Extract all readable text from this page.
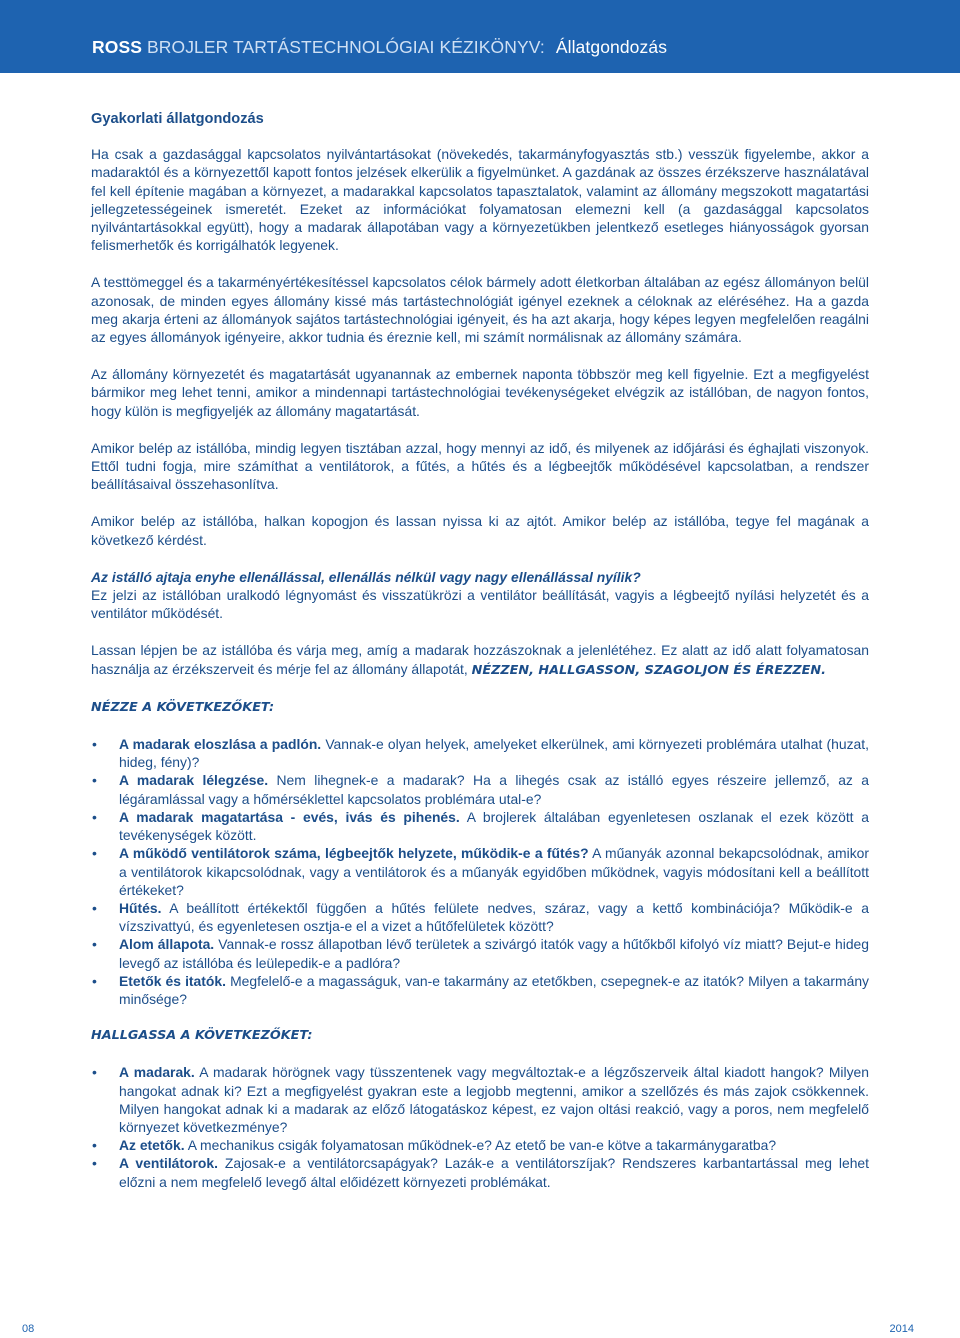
ROSS BROJLER TARTÁSTECHNOLÓGIAI KÉZIKÖNYV: Állatgondozás

Gyakorlati állatgondozás

Ha csak a gazdasággal kapcsolatos nyilvántartásokat (növekedés, takarmányfogyasztás stb.) vesszük figyelembe, akkor a madaraktól és a környezettől kapott fontos jelzések elkerülik a figyelmünket. A gazdának az összes érzékszerve használatával fel kell építenie magában a környezet, a madarakkal kapcsolatos tapasztalatok, valamint az állomány megszokott magatartási jellegzetességeinek ismeretét. Ezeket az információkat folyamatosan elemezni kell (a gazdasággal kapcsolatos nyilvántartásokkal együtt), hogy a madarak állapotában vagy a környezetükben jelentkező esetleges hiányosságok gyorsan felismerhetők és korrigálhatók legyenek.

A testtömeggel és a takarményértékesítéssel kapcsolatos célok bármely adott életkorban általában az egész állományon belül azonosak, de minden egyes állomány kissé más tartástechnológiát igényel ezeknek a céloknak az eléréséhez. Ha a gazda meg akarja érteni az állományok sajátos tartástechnológiai igényeit, és ha azt akarja, hogy képes legyen megfelelően reagálni az egyes állományok igényeire, akkor tudnia és éreznie kell, mi számít normálisnak az állomány számára.

Az állomány környezetét és magatartását ugyanannak az embernek naponta többször meg kell figyelnie. Ezt a megfigyelést bármikor meg lehet tenni, amikor a mindennapi tartástechnológiai tevékenységeket elvégzik az istállóban, de nagyon fontos, hogy külön is megfigyeljék az állomány magatartását.

Amikor belép az istállóba, mindig legyen tisztában azzal, hogy mennyi az idő, és milyenek az időjárási és éghajlati viszonyok. Ettől tudni fogja, mire számíthat a ventilátorok, a fűtés, a hűtés és a légbeejtők működésével kapcsolatban, a rendszer beállításaival összehasonlítva.

Amikor belép az istállóba, halkan kopogjon és lassan nyissa ki az ajtót. Amikor belép az istállóba, tegye fel magának a következő kérdést.

Az istálló ajtaja enyhe ellenállással, ellenállás nélkül vagy nagy ellenállással nyílik?

Ez jelzi az istállóban uralkodó légnyomást és visszatükrözi a ventilátor beállítását, vagyis a légbeejtő nyílási helyzetét és a ventilátor működését.

Lassan lépjen be az istállóba és várja meg, amíg a madarak hozzászoknak a jelenlétéhez. Ez alatt az idő alatt folyamatosan használja az érzékszerveit és mérje fel az állomány állapotát, NÉZZEN, HALLGASSON, SZAGOLJON ÉS ÉREZZEN.

NÉZZE A KÖVETKEZŐKET:

• A madarak eloszlása a padlón. Vannak-e olyan helyek, amelyeket elkerülnek, ami környezeti problémára utalhat (huzat, hideg, fény)?
• A madarak lélegzése. Nem lihegnek-e a madarak? Ha a lihegés csak az istálló egyes részeire jellemző, az a légáramlással vagy a hőmérséklettel kapcsolatos problémára utal-e?
• A madarak magatartása - evés, ivás és pihenés. A brojlerek általában egyenletesen oszlanak el ezek között a tevékenységek között.
• A működő ventilátorok száma, légbeejtők helyzete, működik-e a fűtés? A műanyák azonnal bekapcsolódnak, amikor a ventilátorok kikapcsolódnak, vagy a ventilátorok és a műanyák egyidőben működnek, vagyis módosítani kell a beállított értékeket?
• Hűtés. A beállított értékektől függően a hűtés felülete nedves, száraz, vagy a kettő kombinációja? Működik-e a vízszivattyú, és egyenletesen osztja-e el a vizet a hűtőfelületek között?
• Alom állapota. Vannak-e rossz állapotban lévő területek a szivárgó itatók vagy a hűtőkből kifolyó víz miatt? Bejut-e hideg levegő az istállóba és leülepedik-e a padlóra?
• Etetők és itatók. Megfelelő-e a magasságuk, van-e takarmány az etetőkben, csepegnek-e az itatók? Milyen a takarmány minősége?

HALLGASSA A KÖVETKEZŐKET:

• A madarak. A madarak hörögnek vagy tüsszentenek vagy megváltoztak-e a légzőszerveik által kiadott hangok? Milyen hangokat adnak ki? Ezt a megfigyelést gyakran este a legjobb megtenni, amikor a szellőzés és más zajok csökkennek. Milyen hangokat adnak ki a madarak az előző látogatáskoz képest, ez vajon oltási reakció, vagy a poros, nem megfelelő környezet következménye?
• Az etetők. A mechanikus csigák folyamatosan működnek-e? Az etető be van-e kötve a takarmánygaratba?
• A ventilátorok. Zajosak-e a ventilátorcsapágyak? Lazák-e a ventilátorszíjak? Rendszeres karbantartással meg lehet előzni a nem megfelelő levegő által előidézett környezeti problémákat.
08	2014
